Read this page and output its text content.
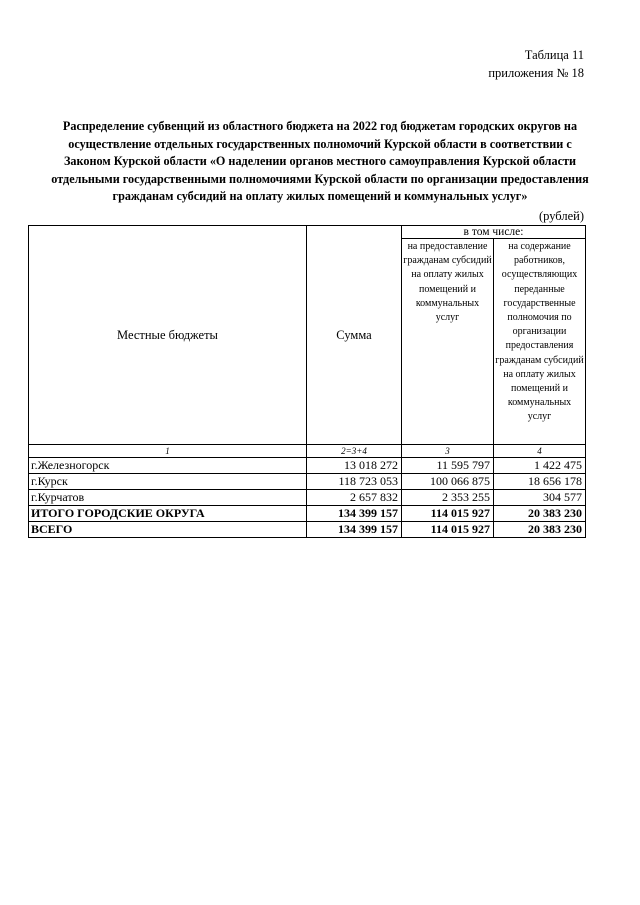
Таблица 11
приложения № 18
Распределение субвенций из областного бюджета на 2022 год бюджетам городских округов на
осуществление отдельных государственных полномочий Курской области в соответствии с
Законом Курской области «О наделении органов местного самоуправления Курской области
отдельными государственными полномочиями Курской области по организации предоставления
гражданам субсидий на оплату жилых помещений и коммунальных услуг»
(рублей)
Местные бюджеты	Сумма	в том числе:	
		на предоставление гражданам субсидий на оплату жилых помещений и коммунальных услуг	на содержание работников, осуществляющих переданные государственные полномочия по организации предоставления гражданам субсидий на оплату жилых помещений и коммунальных услуг
1	2=3+4	3	4
г.Железногорск	13 018 272	11 595 797	1 422 475
г.Курск	118 723 053	100 066 875	18 656 178
г.Курчатов	2 657 832	2 353 255	304 577
ИТОГО ГОРОДСКИЕ ОКРУГА	134 399 157	114 015 927	20 383 230
ВСЕГО	134 399 157	114 015 927	20 383 230
